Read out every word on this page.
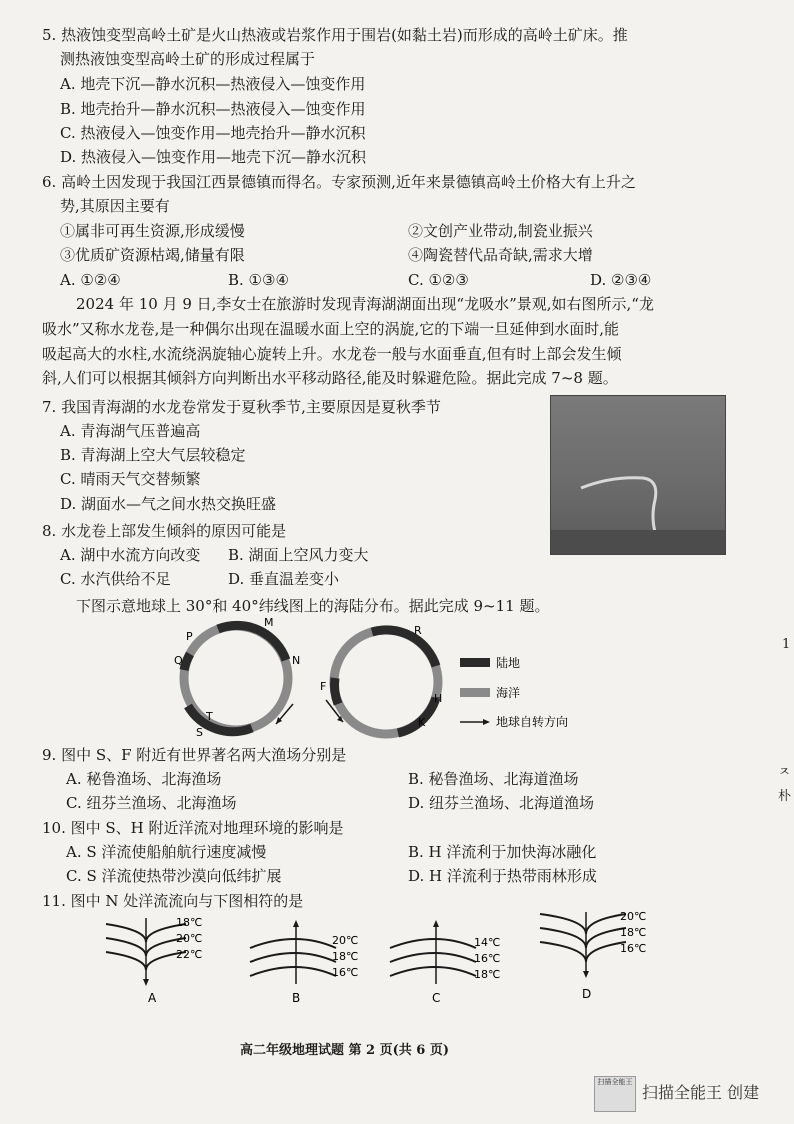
5. 热液蚀变型高岭土矿是火山热液或岩浆作用于围岩(如黏土岩)而形成的高岭土矿床。推
测热液蚀变型高岭土矿的形成过程属于
A. 地壳下沉—静水沉积—热液侵入—蚀变作用
B. 地壳抬升—静水沉积—热液侵入—蚀变作用
C. 热液侵入—蚀变作用—地壳抬升—静水沉积
D. 热液侵入—蚀变作用—地壳下沉—静水沉积
6. 高岭土因发现于我国江西景德镇而得名。专家预测,近年来景德镇高岭土价格大有上升之
势,其原因主要有
①属非可再生资源,形成缓慢	②文创产业带动,制瓷业振兴
③优质矿资源枯竭,储量有限	④陶瓷替代品奇缺,需求大增
A. ①②④	B. ①③④	C. ①②③	D. ②③④
2024 年 10 月 9 日,李女士在旅游时发现青海湖湖面出现“龙吸水”景观,如右图所示,“龙
吸水”又称水龙卷,是一种偶尔出现在温暖水面上空的涡旋,它的下端一旦延伸到水面时,能
吸起高大的水柱,水流绕涡旋轴心旋转上升。水龙卷一般与水面垂直,但有时上部会发生倾
斜,人们可以根据其倾斜方向判断出水平移动路径,能及时躲避危险。据此完成 7~8 题。
7. 我国青海湖的水龙卷常发于夏秋季节,主要原因是夏秋季节
A. 青海湖气压普遍高
B. 青海湖上空大气层较稳定
C. 晴雨天气交替频繁
D. 湖面水—气之间水热交换旺盛
8. 水龙卷上部发生倾斜的原因可能是
A. 湖中水流方向改变 B. 湖面上空风力变大
C. 水汽供给不足	D. 垂直温差变小
下图示意地球上 30°和 40°纬线图上的海陆分布。据此完成 9~11 题。
P
M
Q	N
T
S
R
F
H
K
陆地
海洋
地球自转方向
9. 图中 S、F 附近有世界著名两大渔场分别是
A. 秘鲁渔场、北海渔场	B. 秘鲁渔场、北海道渔场
C. 纽芬兰渔场、北海渔场	D. 纽芬兰渔场、北海道渔场
10. 图中 S、H 附近洋流对地理环境的影响是
A. S 洋流使船舶航行速度减慢	B. H 洋流利于加快海冰融化
C. S 洋流使热带沙漠向低纬扩展	D. H 洋流利于热带雨林形成
11. 图中 N 处洋流流向与下图相符的是
18℃
20℃
22℃
A
20℃
18℃
16℃
B
14℃
16℃
18℃
C
20℃
18℃
16℃
D
高二年级地理试题 第 2 页(共 6 页)
扫描全能王
扫描全能王 创建
1
ㅈ
朴
